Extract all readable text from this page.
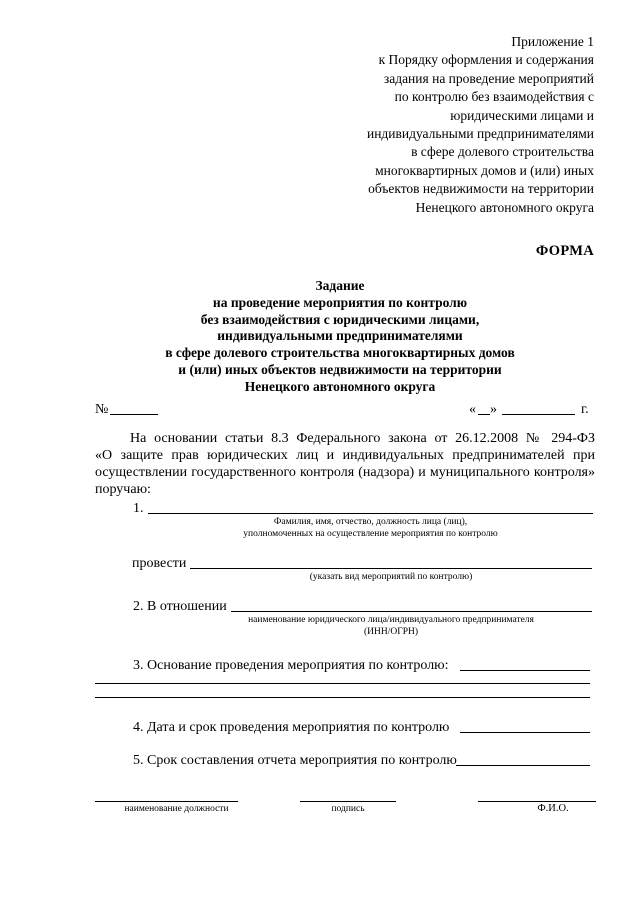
Приложение 1
к Порядку оформления и содержания
задания на проведение мероприятий
по контролю без взаимодействия с
юридическими лицами и
индивидуальными предпринимателями
в сфере долевого строительства
многоквартирных домов и (или) иных
объектов недвижимости на территории
Ненецкого автономного округа
ФОРМА
Задание
на проведение мероприятия по контролю
без взаимодействия с юридическими лицами,
индивидуальными предпринимателями
в сфере долевого строительства многоквартирных домов
и (или) иных объектов недвижимости на территории
Ненецкого автономного округа
№	« »	г.
На основании статьи 8.3 Федерального закона от 26.12.2008 № 294-ФЗ
«О защите прав юридических лиц и индивидуальных предпринимателей при
осуществлении государственного контроля (надзора) и муниципального контроля»
поручаю:
1.
Фамилия, имя, отчество, должность лица (лиц),
уполномоченных на осуществление мероприятия по контролю
провести
(указать вид мероприятий по контролю)
2. В отношении
наименование юридического лица/индивидуального предпринимателя
(ИНН/ОГРН)
3. Основание проведения мероприятия по контролю:
4. Дата и срок проведения мероприятия по контролю
5. Срок составления отчета мероприятия по контролю
наименование должности	подпись	Ф.И.О.
